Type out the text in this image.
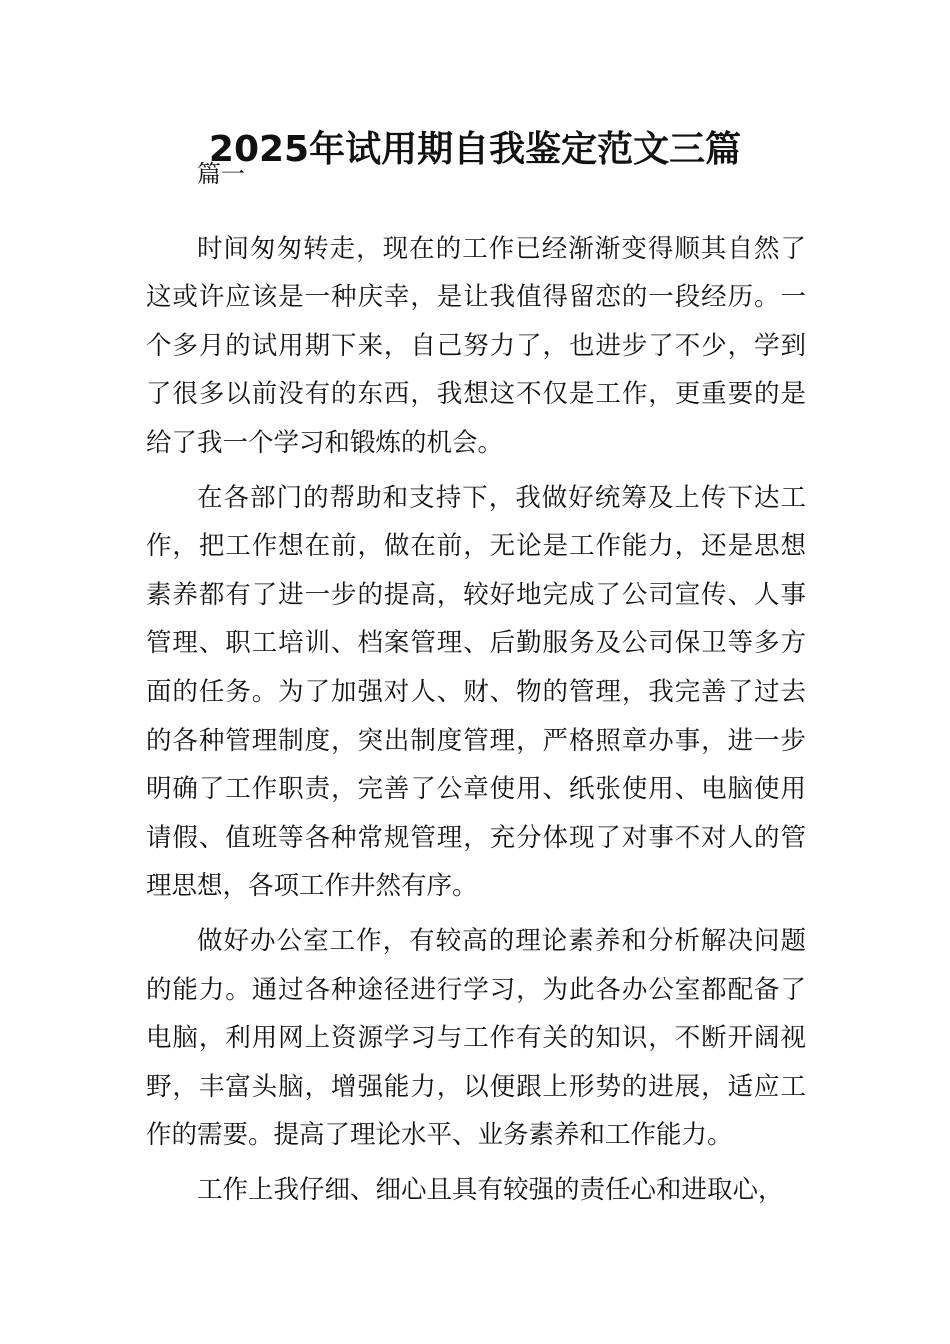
2025年试用期自我鉴定范文三篇

篇一

时间匆匆转走，现在的工作已经渐渐变得顺其自然了这或许应该是一种庆幸，是让我值得留恋的一段经历。一个多月的试用期下来，自己努力了，也进步了不少，学到了很多以前没有的东西，我想这不仅是工作，更重要的是给了我一个学习和锻炼的机会。

在各部门的帮助和支持下，我做好统筹及上传下达工作，把工作想在前，做在前，无论是工作能力，还是思想素养都有了进一步的提高，较好地完成了公司宣传、人事管理、职工培训、档案管理、后勤服务及公司保卫等多方面的任务。为了加强对人、财、物的管理，我完善了过去的各种管理制度，突出制度管理，严格照章办事，进一步明确了工作职责，完善了公章使用、纸张使用、电脑使用请假、值班等各种常规管理，充分体现了对事不对人的管理思想，各项工作井然有序。

做好办公室工作，有较高的理论素养和分析解决问题的能力。通过各种途径进行学习，为此各办公室都配备了电脑，利用网上资源学习与工作有关的知识，不断开阔视野，丰富头脑，增强能力，以便跟上形势的进展，适应工作的需要。提高了理论水平、业务素养和工作能力。

工作上我仔细、细心且具有较强的责任心和进取心，
